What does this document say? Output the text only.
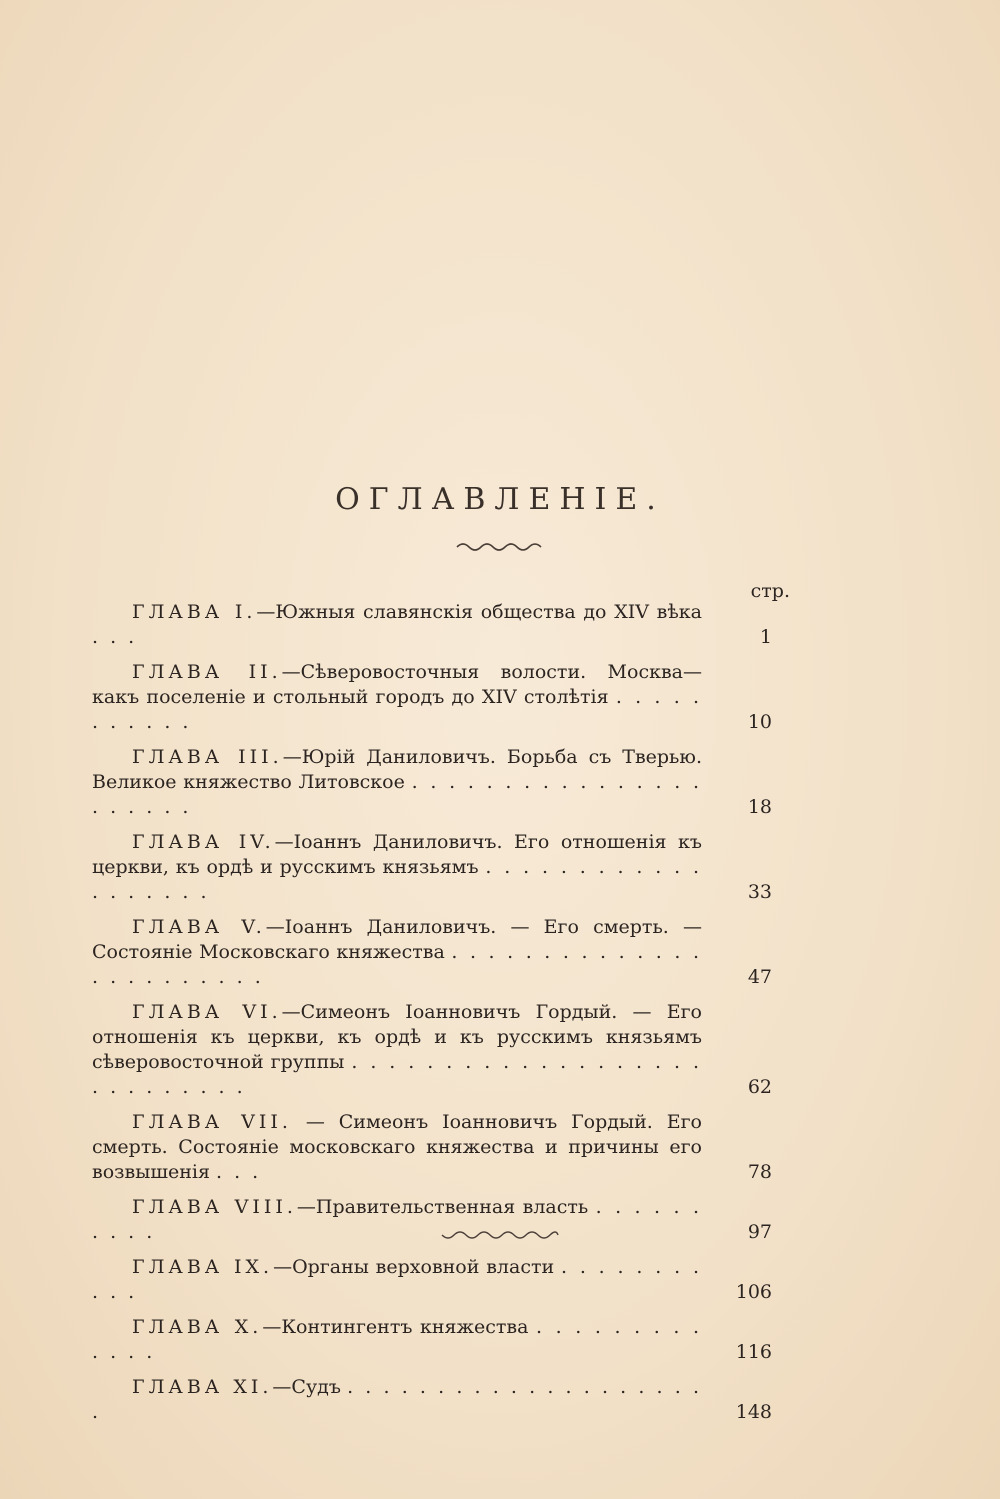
ОГЛАВЛЕНІЕ.
стр.
ГЛАВА I.—Южныя славянскія общества до XIV вѣка . . .	1
ГЛАВА II.—Сѣверовосточныя волости. Москва—какъ поселеніе и стольный городъ до XIV столѣтія . . . . . . . . . . .	10
ГЛАВА III.—Юрій Даниловичъ. Борьба съ Тверью. Великое княжество Литовское . . . . . . . . . . . . . . . . . . . . . .	18
ГЛАВА IV.—Іоаннъ Даниловичъ. Его отношенія къ церкви, къ ордѣ и русскимъ князьямъ . . . . . . . . . . . . . . . . . . .	33
ГЛАВА V.—Іоаннъ Даниловичъ. — Его смерть. — Состояніе Московскаго княжества . . . . . . . . . . . . . . . . . . . . . . . .	47
ГЛАВА VI.—Симеонъ Іоанновичъ Гордый. — Его отношенія къ церкви, къ ордѣ и къ русскимъ князьямъ сѣверовосточной группы . . . . . . . . . . . . . . . . . . . . . . . . . . . .	62
ГЛАВА VII. — Симеонъ Іоанновичъ Гордый. Его смерть. Состояніе московскаго княжества и причины его возвышенія . . .	78
ГЛАВА VIII.—Правительственная власть . . . . . . . . . .	97
ГЛАВА IX.—Органы верховной власти . . . . . . . . . . .	106
ГЛАВА X.—Контингентъ княжества . . . . . . . . . . . . .	116
ГЛАВА XI.—Судъ . . . . . . . . . . . . . . . . . . . . .	148
